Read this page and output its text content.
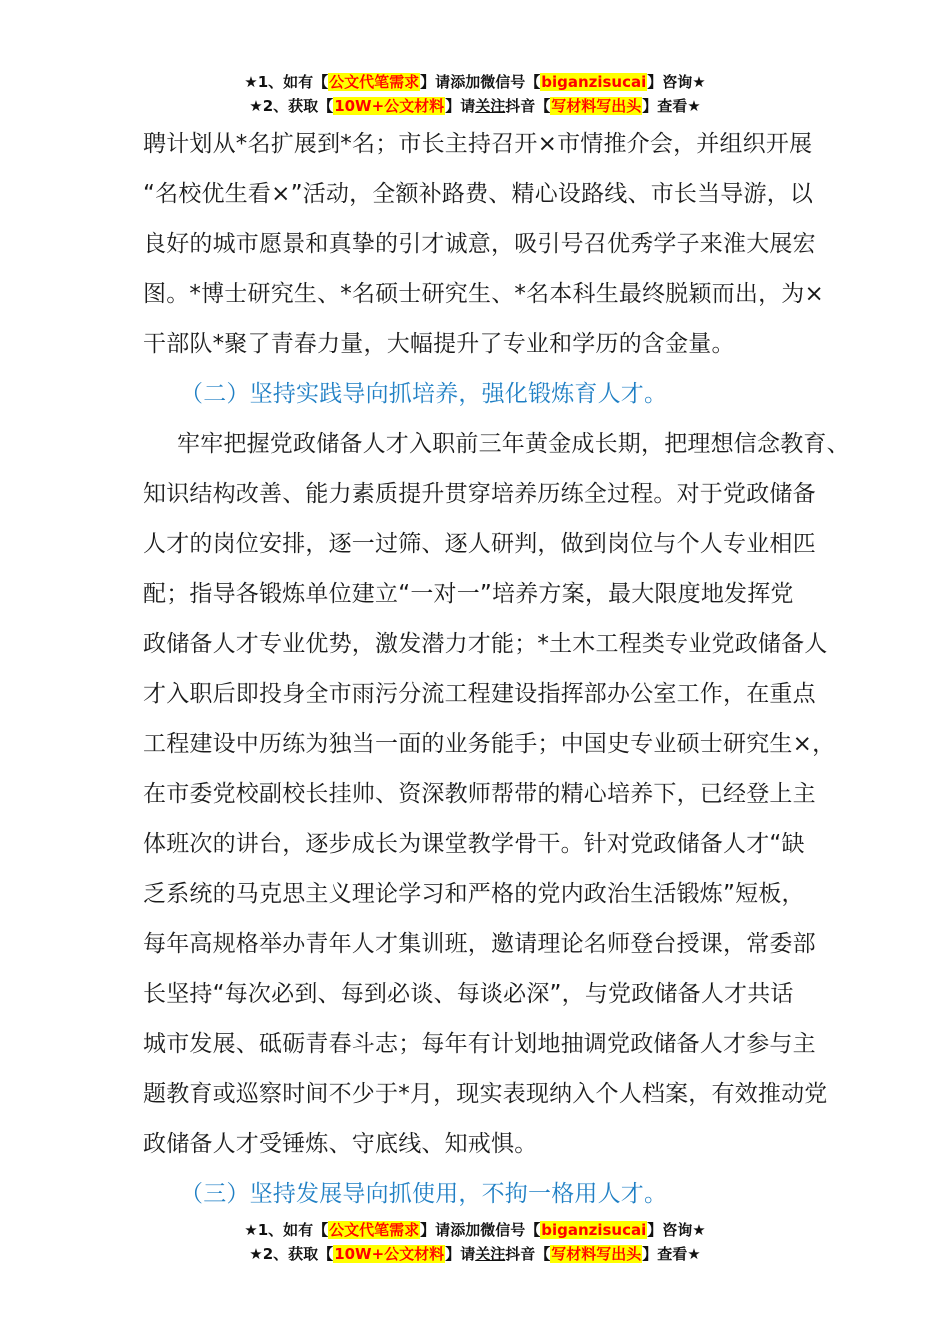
★1、如有【公文代笔需求】请添加微信号【biganzisucai】咨询★
★2、获取【10W+公文材料】请关注抖音【写材料写出头】查看★

聘计划从*名扩展到*名；市长主持召开×市情推介会，并组织开展
“名校优生看×”活动，全额补路费、精心设路线、市长当导游，以
良好的城市愿景和真挚的引才诚意，吸引号召优秀学子来淮大展宏
图。*博士研究生、*名硕士研究生、*名本科生最终脱颖而出，为×
干部队*聚了青春力量，大幅提升了专业和学历的含金量。

（二）坚持实践导向抓培养，强化锻炼育人才。

牢牢把握党政储备人才入职前三年黄金成长期，把理想信念教育、
知识结构改善、能力素质提升贯穿培养历练全过程。对于党政储备
人才的岗位安排，逐一过筛、逐人研判，做到岗位与个人专业相匹
配；指导各锻炼单位建立“一对一”培养方案，最大限度地发挥党
政储备人才专业优势，激发潜力才能；*土木工程类专业党政储备人
才入职后即投身全市雨污分流工程建设指挥部办公室工作，在重点
工程建设中历练为独当一面的业务能手；中国史专业硕士研究生×，
在市委党校副校长挂帅、资深教师帮带的精心培养下，已经登上主
体班次的讲台，逐步成长为课堂教学骨干。针对党政储备人才“缺
乏系统的马克思主义理论学习和严格的党内政治生活锻炼”短板，
每年高规格举办青年人才集训班，邀请理论名师登台授课，常委部
长坚持“每次必到、每到必谈、每谈必深”，与党政储备人才共话
城市发展、砥砺青春斗志；每年有计划地抽调党政储备人才参与主
题教育或巡察时间不少于*月，现实表现纳入个人档案，有效推动党
政储备人才受锤炼、守底线、知戒惧。

（三）坚持发展导向抓使用，不拘一格用人才。

★1、如有【公文代笔需求】请添加微信号【biganzisucai】咨询★
★2、获取【10W+公文材料】请关注抖音【写材料写出头】查看★
